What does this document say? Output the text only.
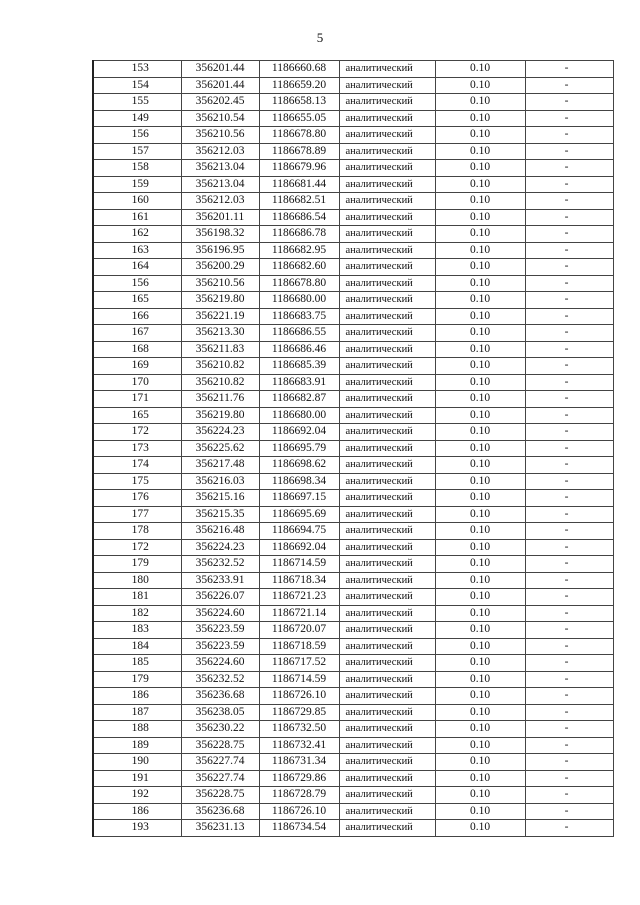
5
153	356201.44	1186660.68	аналитический	0.10	-
154	356201.44	1186659.20	аналитический	0.10	-
155	356202.45	1186658.13	аналитический	0.10	-
149	356210.54	1186655.05	аналитический	0.10	-
156	356210.56	1186678.80	аналитический	0.10	-
157	356212.03	1186678.89	аналитический	0.10	-
158	356213.04	1186679.96	аналитический	0.10	-
159	356213.04	1186681.44	аналитический	0.10	-
160	356212.03	1186682.51	аналитический	0.10	-
161	356201.11	1186686.54	аналитический	0.10	-
162	356198.32	1186686.78	аналитический	0.10	-
163	356196.95	1186682.95	аналитический	0.10	-
164	356200.29	1186682.60	аналитический	0.10	-
156	356210.56	1186678.80	аналитический	0.10	-
165	356219.80	1186680.00	аналитический	0.10	-
166	356221.19	1186683.75	аналитический	0.10	-
167	356213.30	1186686.55	аналитический	0.10	-
168	356211.83	1186686.46	аналитический	0.10	-
169	356210.82	1186685.39	аналитический	0.10	-
170	356210.82	1186683.91	аналитический	0.10	-
171	356211.76	1186682.87	аналитический	0.10	-
165	356219.80	1186680.00	аналитический	0.10	-
172	356224.23	1186692.04	аналитический	0.10	-
173	356225.62	1186695.79	аналитический	0.10	-
174	356217.48	1186698.62	аналитический	0.10	-
175	356216.03	1186698.34	аналитический	0.10	-
176	356215.16	1186697.15	аналитический	0.10	-
177	356215.35	1186695.69	аналитический	0.10	-
178	356216.48	1186694.75	аналитический	0.10	-
172	356224.23	1186692.04	аналитический	0.10	-
179	356232.52	1186714.59	аналитический	0.10	-
180	356233.91	1186718.34	аналитический	0.10	-
181	356226.07	1186721.23	аналитический	0.10	-
182	356224.60	1186721.14	аналитический	0.10	-
183	356223.59	1186720.07	аналитический	0.10	-
184	356223.59	1186718.59	аналитический	0.10	-
185	356224.60	1186717.52	аналитический	0.10	-
179	356232.52	1186714.59	аналитический	0.10	-
186	356236.68	1186726.10	аналитический	0.10	-
187	356238.05	1186729.85	аналитический	0.10	-
188	356230.22	1186732.50	аналитический	0.10	-
189	356228.75	1186732.41	аналитический	0.10	-
190	356227.74	1186731.34	аналитический	0.10	-
191	356227.74	1186729.86	аналитический	0.10	-
192	356228.75	1186728.79	аналитический	0.10	-
186	356236.68	1186726.10	аналитический	0.10	-
193	356231.13	1186734.54	аналитический	0.10	-
